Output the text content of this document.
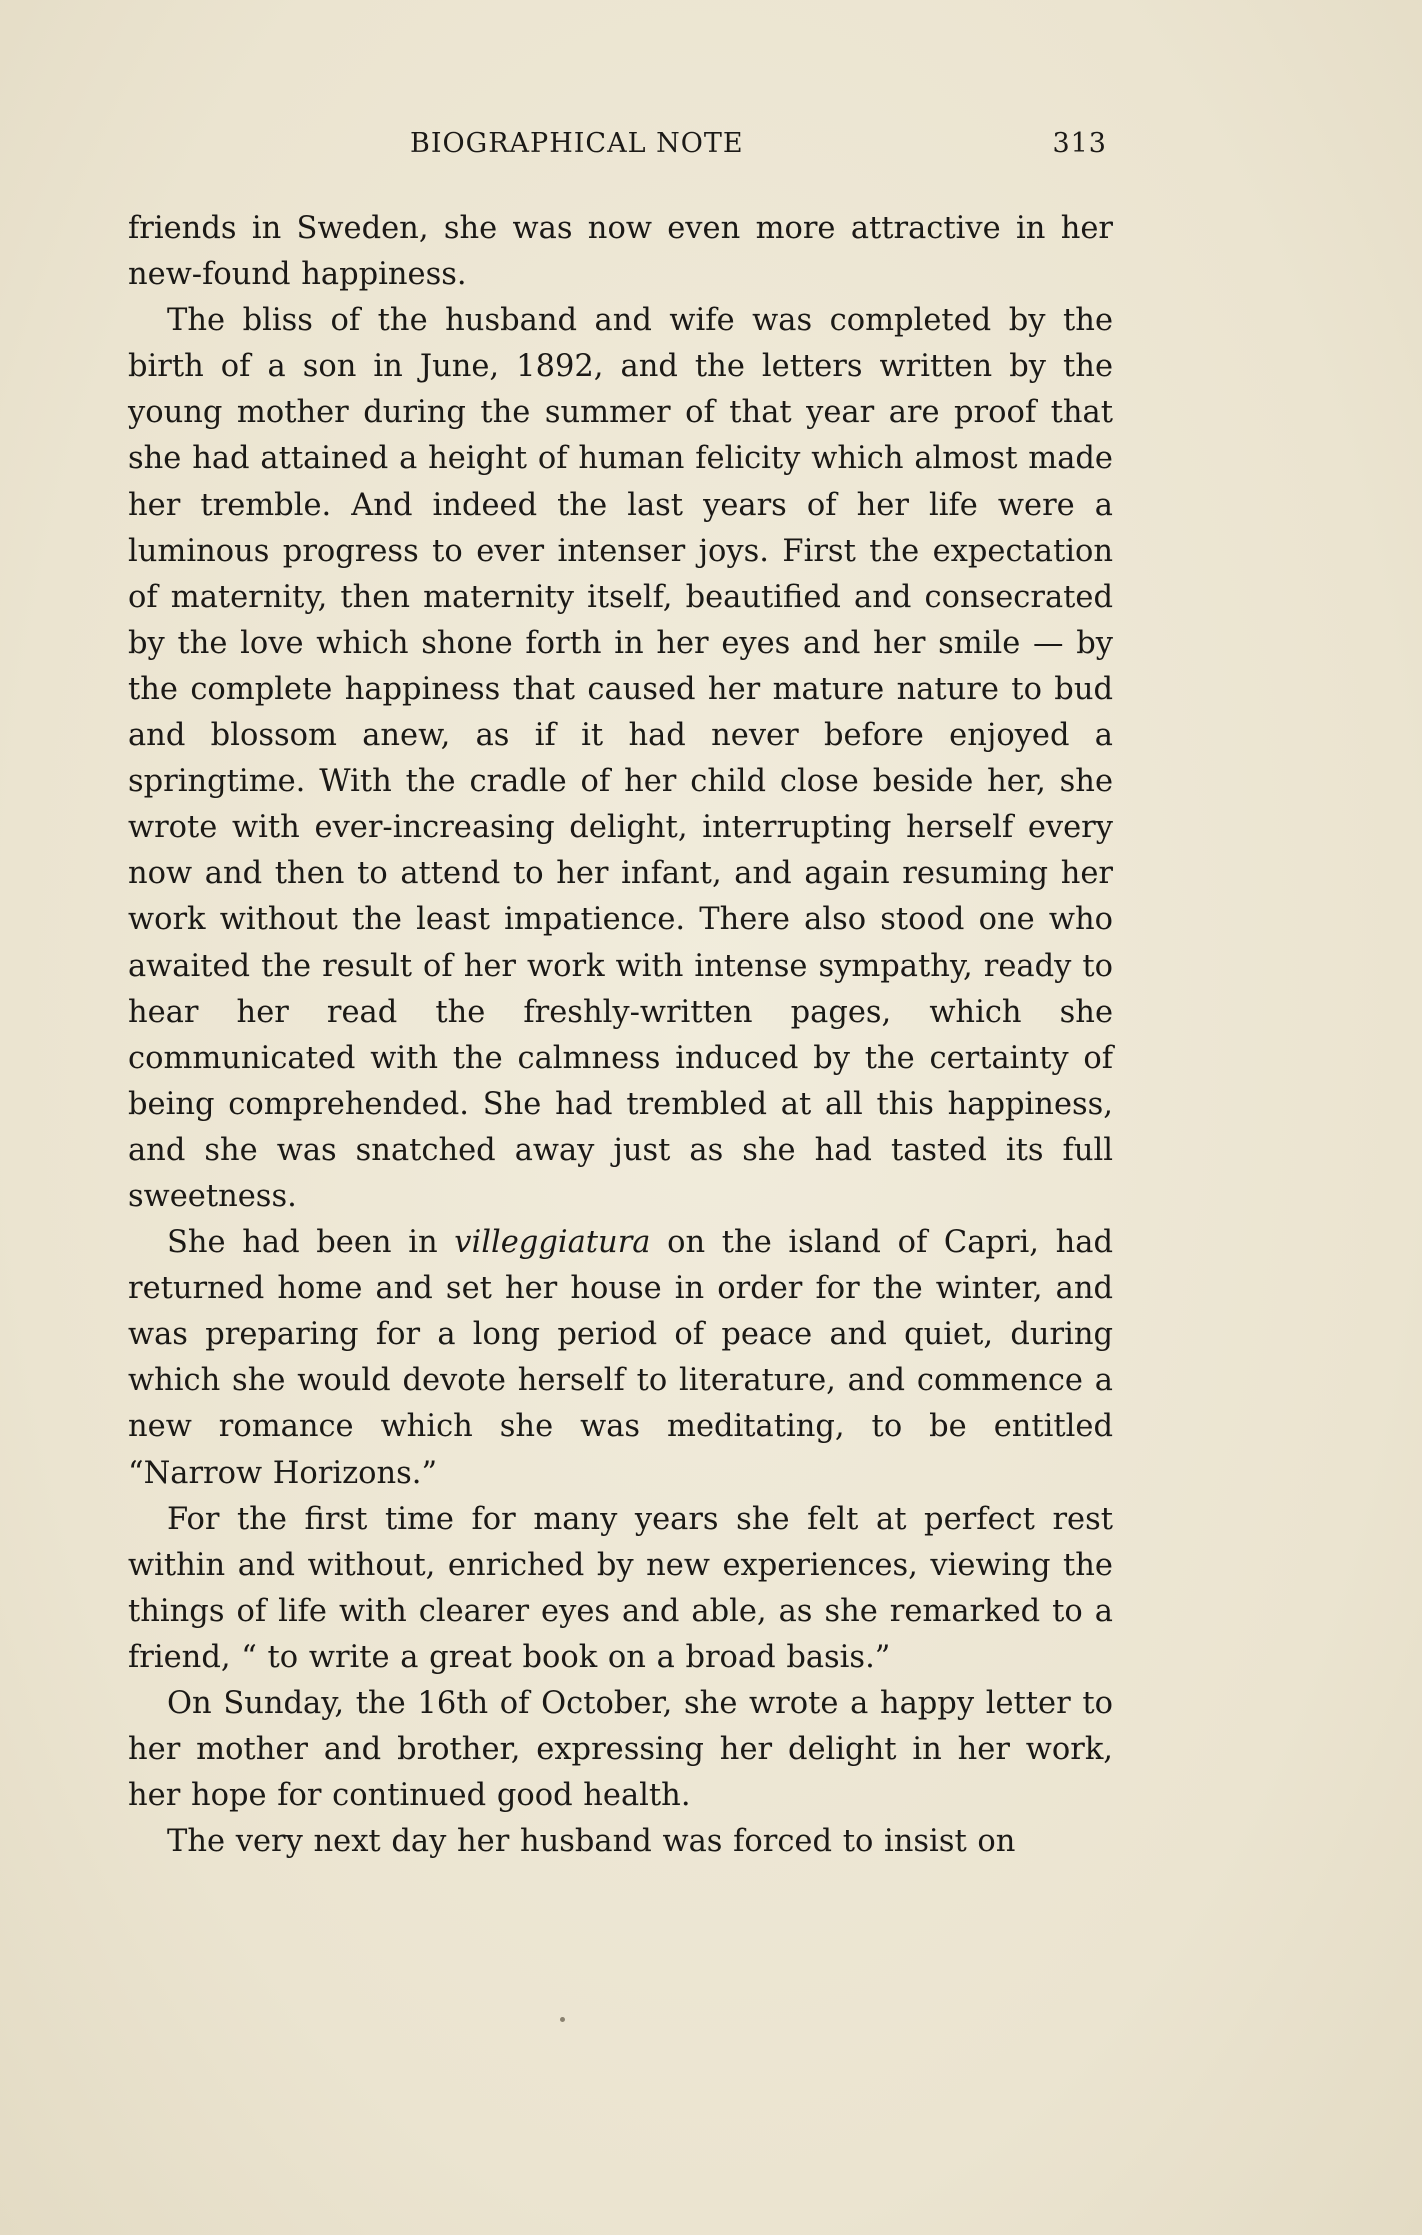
BIOGRAPHICAL NOTE	313

friends in Sweden, she was now even more attractive in her new-found happiness.

The bliss of the husband and wife was completed by the birth of a son in June, 1892, and the letters written by the young mother during the summer of that year are proof that she had attained a height of human felicity which almost made her tremble. And indeed the last years of her life were a luminous progress to ever intenser joys. First the expectation of maternity, then maternity itself, beautified and consecrated by the love which shone forth in her eyes and her smile — by the complete happiness that caused her mature nature to bud and blossom anew, as if it had never before enjoyed a springtime. With the cradle of her child close beside her, she wrote with ever-increasing delight, interrupting herself every now and then to attend to her infant, and again resuming her work without the least impatience. There also stood one who awaited the result of her work with intense sympathy, ready to hear her read the freshly-written pages, which she communicated with the calmness induced by the certainty of being comprehended. She had trembled at all this happiness, and she was snatched away just as she had tasted its full sweetness.

She had been in villeggiatura on the island of Capri, had returned home and set her house in order for the winter, and was preparing for a long period of peace and quiet, during which she would devote herself to literature, and commence a new romance which she was meditating, to be entitled “Narrow Horizons.”

For the first time for many years she felt at perfect rest within and without, enriched by new experiences, viewing the things of life with clearer eyes and able, as she remarked to a friend, “ to write a great book on a broad basis.”

On Sunday, the 16th of October, she wrote a happy letter to her mother and brother, expressing her delight in her work, her hope for continued good health.

The very next day her husband was forced to insist on
